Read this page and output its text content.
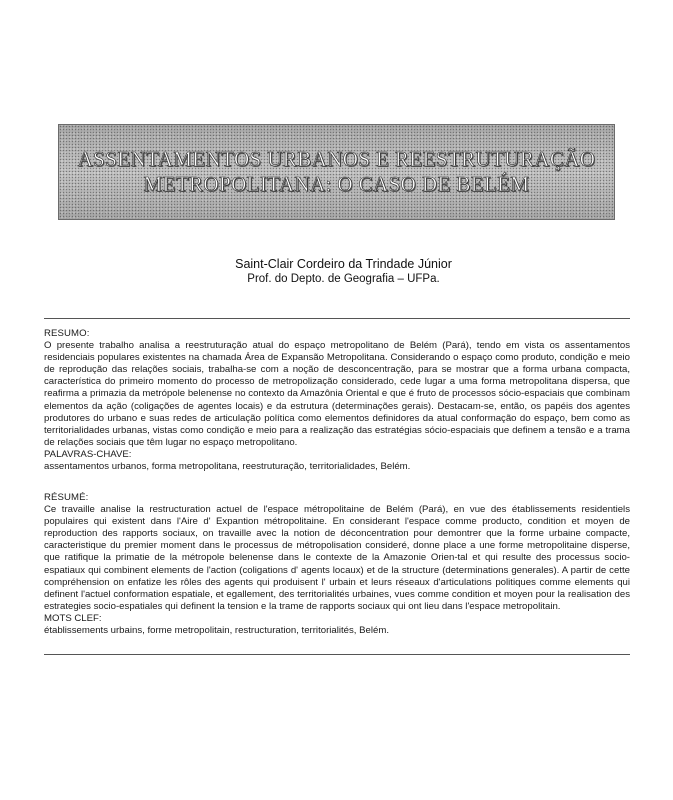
ASSENTAMENTOS URBANOS E REESTRUTURAÇÃO
METROPOLITANA: O CASO DE BELÉM
Saint-Clair Cordeiro da Trindade Júnior
Prof. do Depto. de Geografia – UFPa.
RESUMO:
O presente trabalho analisa a reestruturação atual do espaço metropolitano de Belém (Pará), tendo em vista os assentamentos residenciais populares existentes na chamada Área de Expansão Metropolitana. Considerando o espaço como produto, condição e meio de reprodução das relações sociais, trabalha-se com a noção de desconcentração, para se mostrar que a forma urbana compacta, característica do primeiro momento do processo de metropolização considerado, cede lugar a uma forma metropolitana dispersa, que reafirma a primazia da metrópole belenense no contexto da Amazônia Oriental e que é fruto de processos sócio-espaciais que combinam elementos da ação (coligações de agentes locais) e da estrutura (determinações gerais). Destacam-se, então, os papéis dos agentes produtores do urbano e suas redes de articulação política como elementos definidores da atual conformação do espaço, bem como as territorialidades urbanas, vistas como condição e meio para a realização das estratégias sócio-espaciais que definem a tensão e a trama de relações sociais que têm lugar no espaço metropolitano.
PALAVRAS-CHAVE:
assentamentos urbanos, forma metropolitana, reestruturação, territorialidades, Belém.
RÉSUMÉ:
Ce travaille analise la restructuration actuel de l'espace métropolitaine de Belém (Pará), en vue des établissements residentiels populaires qui existent dans l'Aire d' Expantion métropolitaine. En considerant l'espace comme producto, condition et moyen de reproduction des rapports sociaux, on travaille avec la notion de déconcentration pour demontrer que la forme urbaine compacte, caracteristique du premier moment dans le processus de métropolisation consideré, donne place a une forme metropolitaine disperse, que ratifique la primatie de la métropole belenense dans le contexte de la Amazonie Orien-tal et qui resulte des processus socio-espatiaux qui combinent elements de l'action (coligations d' agents locaux) et de la structure (determinations generales). A partir de cette compréhension on enfatize les rôles des agents qui produisent l' urbain et leurs réseaux d'articulations politiques comme elements qui definent l'actuel conformation espatiale, et egallement, des territorialités urbaines, vues comme condition et moyen pour la realisation des estrategies socio-espatiales qui definent la tension e la trame de rapports sociaux qui ont lieu dans l'espace metropolitain.
MOTS CLEF:
établissements urbains, forme metropolitain, restructuration, territorialités, Belém.
